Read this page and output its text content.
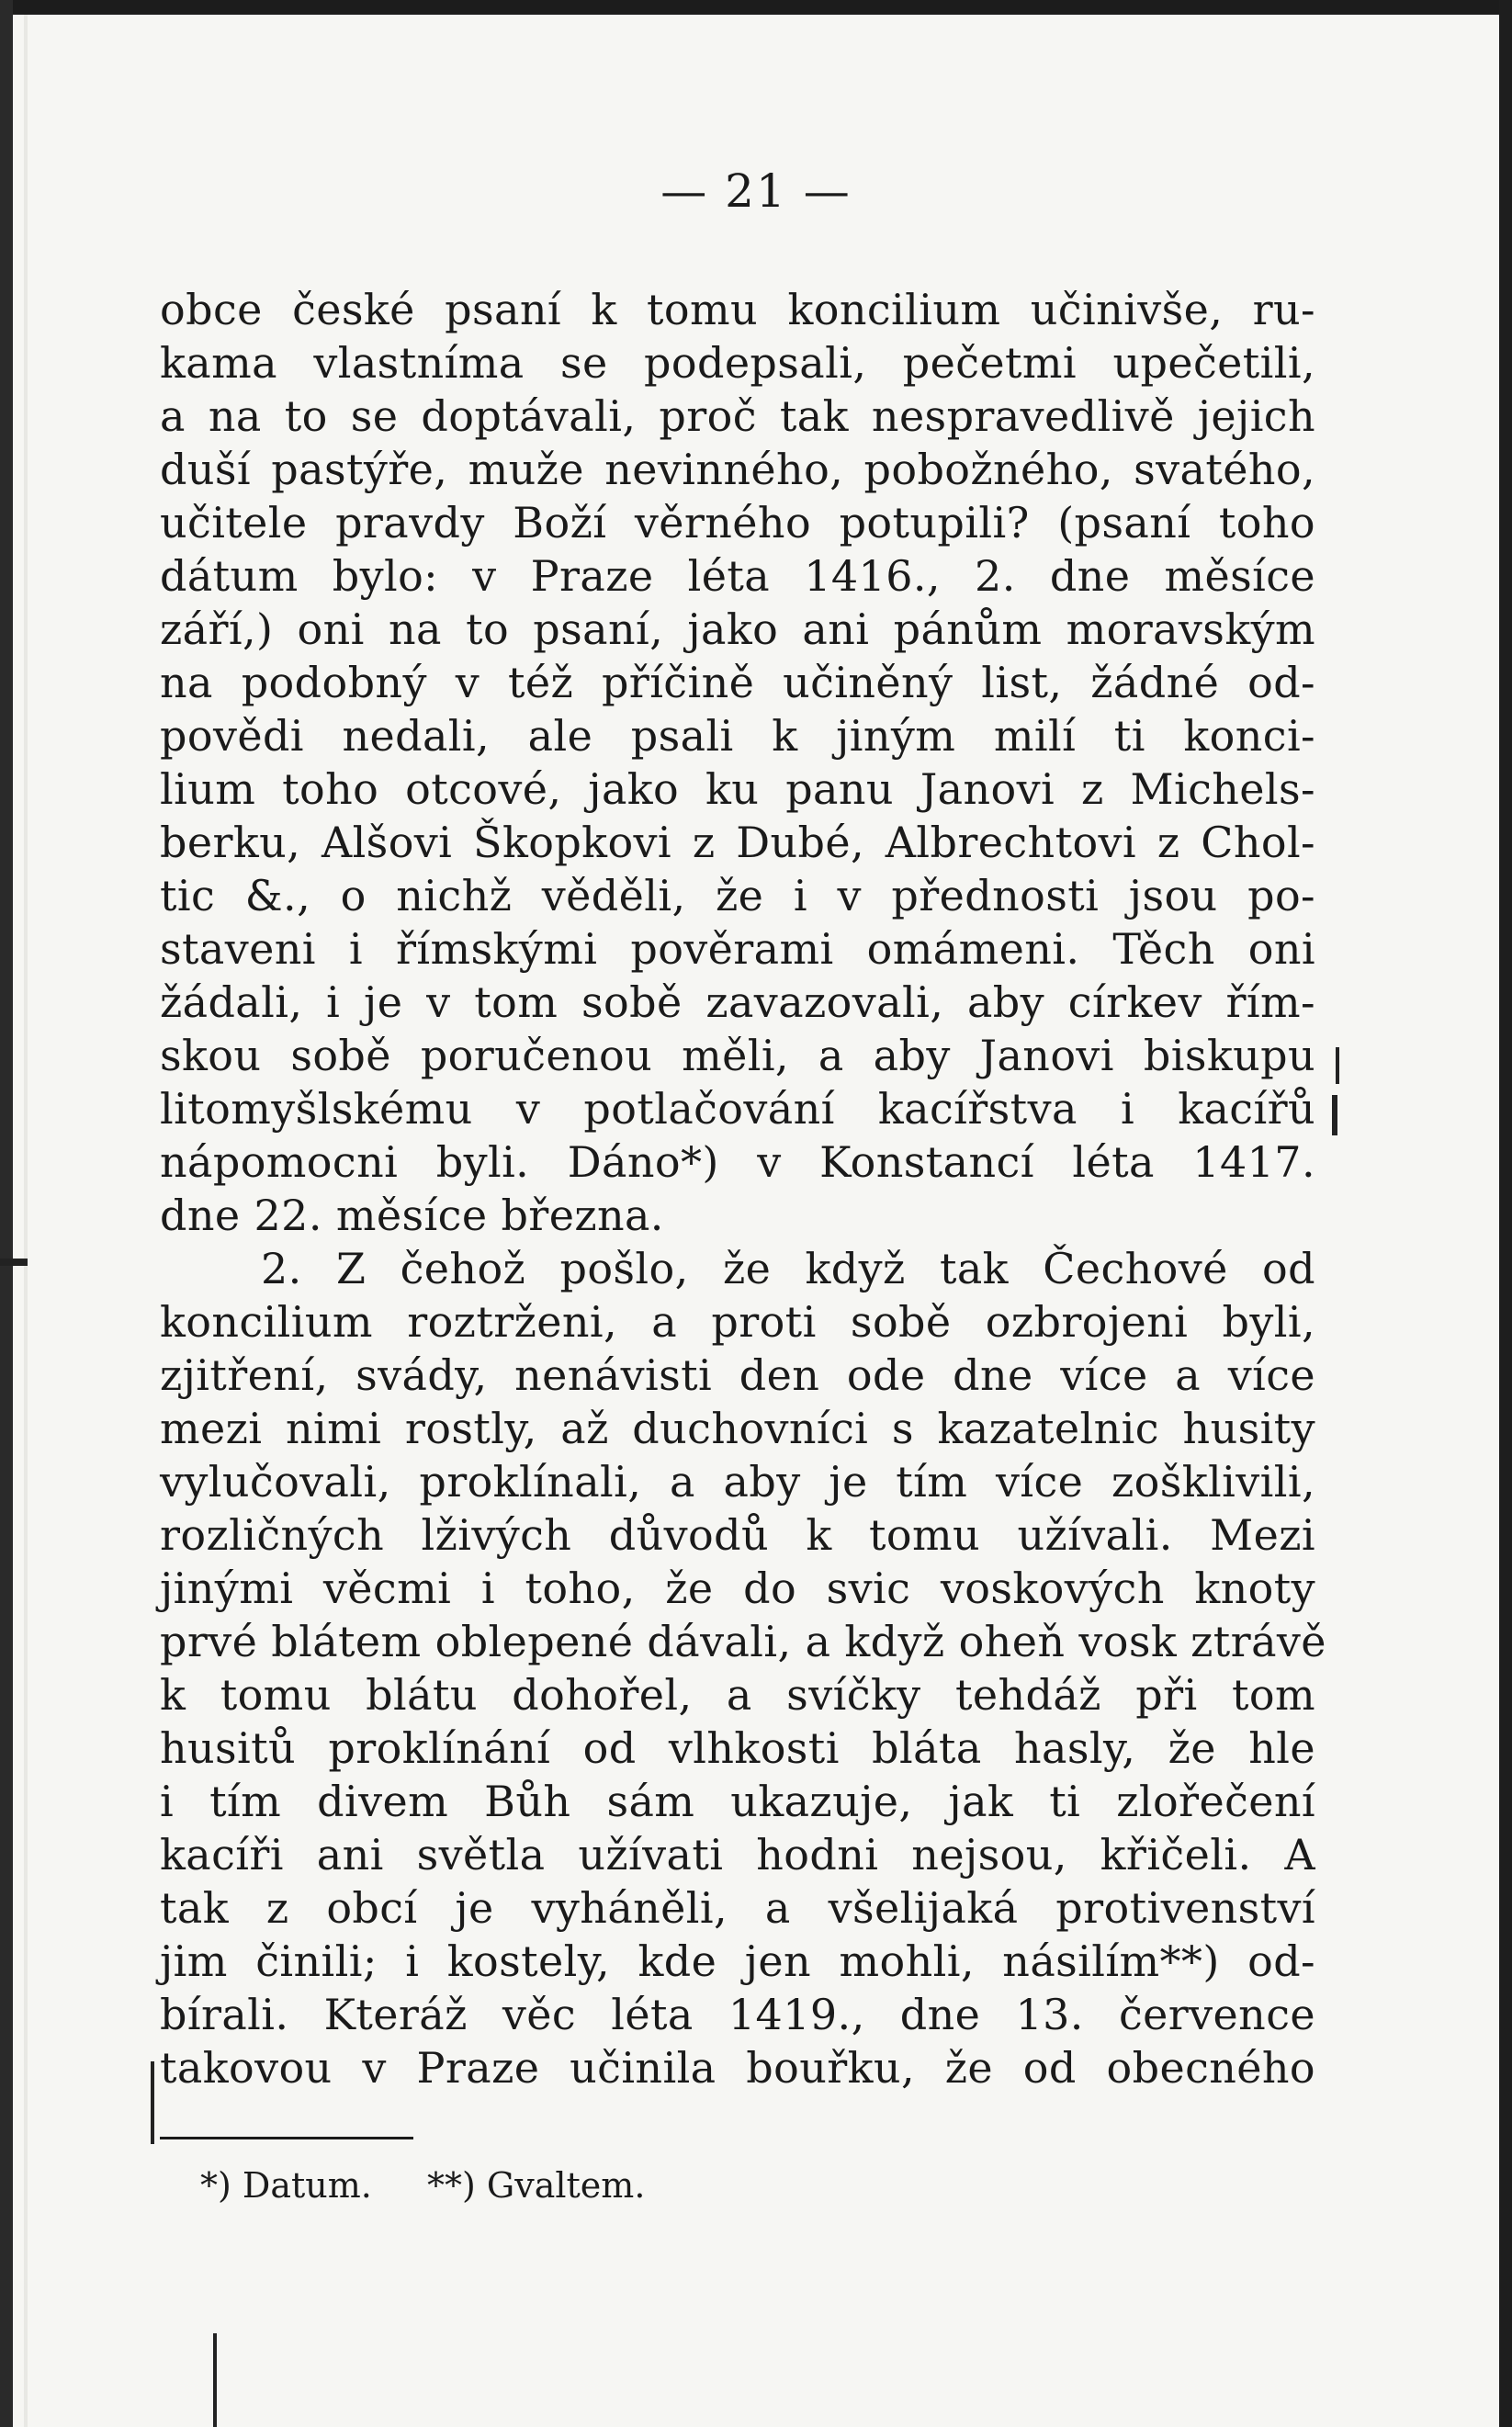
— 21 —
obce české psaní k tomu koncilium učinivše, ru-
kama vlastníma se podepsali, pečetmi upečetili,
a na to se doptávali, proč tak nespravedlivě jejich
duší pastýře, muže nevinného, pobožného, svatého,
učitele pravdy Boží věrného potupili? (psaní toho
dátum bylo: v Praze léta 1416., 2. dne měsíce
září,) oni na to psaní, jako ani pánům moravským
na podobný v též příčině učiněný list, žádné od-
povědi nedali, ale psali k jiným milí ti konci-
lium toho otcové, jako ku panu Janovi z Michels-
berku, Alšovi Škopkovi z Dubé, Albrechtovi z Chol-
tic &., o nichž věděli, že i v přednosti jsou po-
staveni i římskými pověrami omámeni. Těch oni
žádali, i je v tom sobě zavazovali, aby církev řím-
skou sobě poručenou měli, a aby Janovi biskupu
litomyšlskému v potlačování kacířstva i kacířů
nápomocni byli. Dáno*) v Konstancí léta 1417.
dne 22. měsíce března.
2. Z čehož pošlo, že když tak Čechové od
koncilium roztrženi, a proti sobě ozbrojeni byli,
zjitření, svády, nenávisti den ode dne více a více
mezi nimi rostly, až duchovníci s kazatelnic husity
vylučovali, proklínali, a aby je tím více zošklivili,
rozličných lživých důvodů k tomu užívali. Mezi
jinými věcmi i toho, že do svic voskových knoty
prvé blátem oblepené dávali, a když oheň vosk ztrávě
k tomu blátu dohořel, a svíčky tehdáž při tom
husitů proklínání od vlhkosti bláta hasly, že hle
i tím divem Bůh sám ukazuje, jak ti zlořečení
kacíři ani světla užívati hodni nejsou, křičeli. A
tak z obcí je vyháněli, a všelijaká protivenství
jim činili; i kostely, kde jen mohli, násilím**) od-
bírali. Kteráž věc léta 1419., dne 13. července
takovou v Praze učinila bouřku, že od obecného
*) Datum. **) Gvaltem.
